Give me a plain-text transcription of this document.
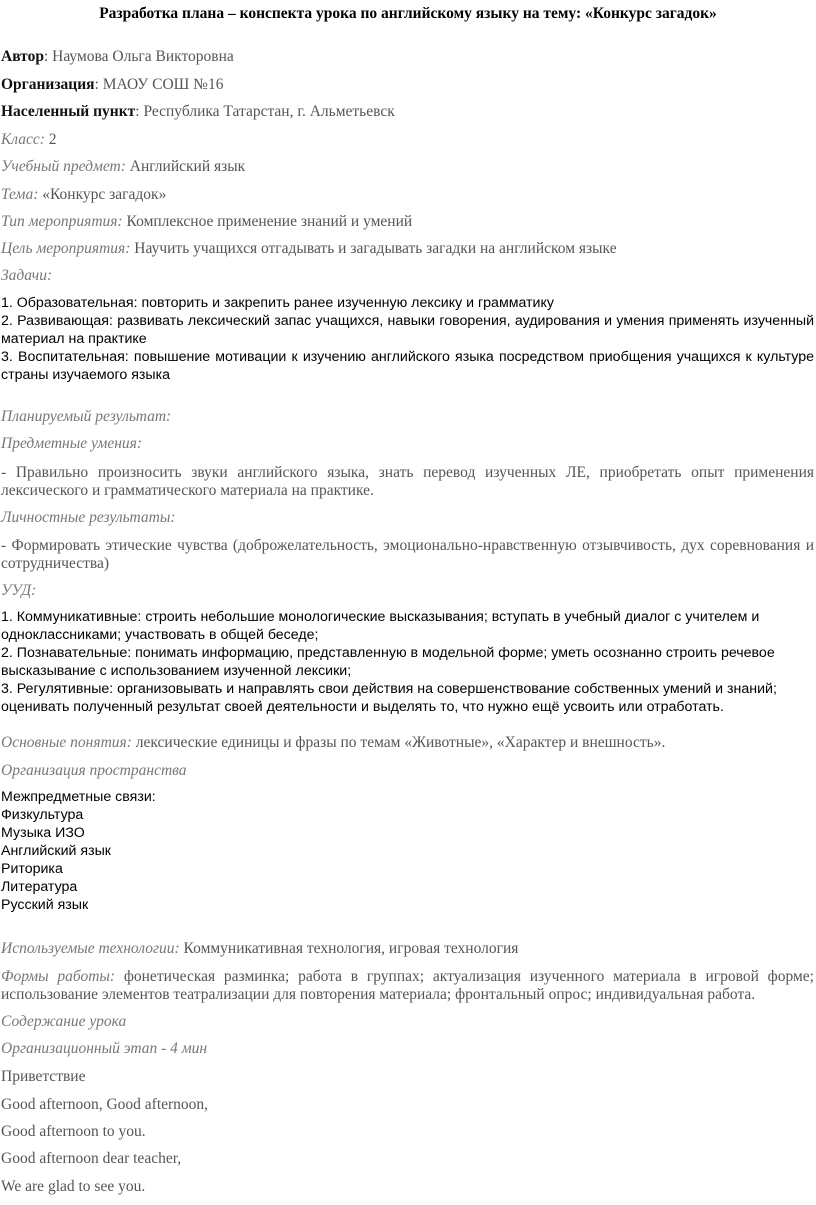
Разработка плана – конспекта урока по английскому языку на тему: «Конкурс загадок»
Автор: Наумова Ольга Викторовна
Организация: МАОУ СОШ №16
Населенный пункт: Республика Татарстан, г. Альметьевск
Класс: 2
Учебный предмет: Английский язык
Тема: «Конкурс загадок»
Тип мероприятия: Комплексное применение знаний и умений
Цель мероприятия: Научить учащихся отгадывать и загадывать загадки на английском языке
Задачи:
1. Образовательная: повторить и закрепить ранее изученную лексику и грамматику
2. Развивающая: развивать лексический запас учащихся, навыки говорения, аудирования и умения применять изученный
материал на практике
3. Воспитательная: повышение мотивации к изучению английского языка посредством приобщения учащихся к культуре
страны изучаемого языка
Планируемый результат:
Предметные умения:
- Правильно произносить звуки английского языка, знать перевод изученных ЛЕ, приобретать опыт применения
лексического и грамматического материала на практике.
Личностные результаты:
- Формировать этические чувства (доброжелательность, эмоционально-нравственную отзывчивость, дух соревнования и
сотрудничества)
УУД:
1. Коммуникативные: строить небольшие монологические высказывания; вступать в учебный диалог с учителем и
одноклассниками; участвовать в общей беседе;
2. Познавательные: понимать информацию, представленную в модельной форме; уметь осознанно строить речевое
высказывание с использованием изученной лексики;
3. Регулятивные: организовывать и направлять свои действия на совершенствование собственных умений и знаний;
оценивать полученный результат своей деятельности и выделять то, что нужно ещё усвоить или отработать.
Основные понятия: лексические единицы и фразы по темам «Животные», «Характер и внешность».
Организация пространства
Межпредметные связи:
Физкультура
Музыка ИЗО
Английский язык
Риторика
Литература
Русский язык
Используемые технологии: Коммуникативная технология, игровая технология
Формы работы: фонетическая разминка; работа в группах; актуализация изученного материала в игровой форме;
использование элементов театрализации для повторения материала; фронтальный опрос; индивидуальная работа.
Содержание урока
Организационный этап - 4 мин
Приветствие
Good afternoon, Good afternoon,
Good afternoon to you.
Good afternoon dear teacher,
We are glad to see you.
